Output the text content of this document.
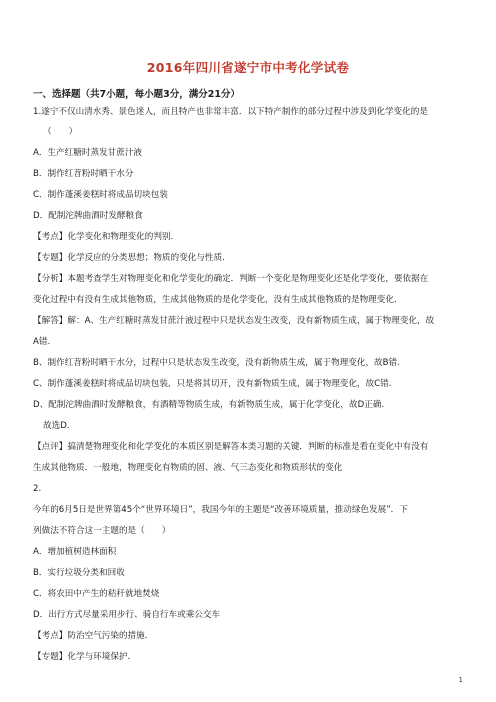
2016年四川省遂宁市中考化学试卷
一、选择题（共7小题，每小题3分，满分21分）
1.遂宁不仅山清水秀、景色迷人，而且特产也非常丰富．以下特产制作的部分过程中涉及到化学变化的是
（　　）
A．生产红糖时蒸发甘蔗汁液
B．制作红苕粉时晒干水分
C．制作蓬溪姜糕时将成品切块包装
D．配制沱牌曲酒时发酵粮食
【考点】化学变化和物理变化的判别.
【专题】化学反应的分类思想；物质的变化与性质.
【分析】本题考查学生对物理变化和化学变化的确定．判断一个变化是物理变化还是化学变化，要依据在
变化过程中有没有生成其他物质，生成其他物质的是化学变化，没有生成其他物质的是物理变化．
【解答】解：A、生产红糖时蒸发甘蔗汁液过程中只是状态发生改变，没有新物质生成，属于物理变化，故
A错.
B、制作红苕粉时晒干水分，过程中只是状态发生改变，没有新物质生成，属于物理变化，故B错.
C、制作蓬溪姜糕时将成品切块包装，只是将其切开，没有新物质生成，属于物理变化，故C错.
D、配制沱牌曲酒时发酵粮食，有酒精等物质生成，有新物质生成，属于化学变化，故D正确.
故选D.
【点评】搞清楚物理变化和化学变化的本质区别是解答本类习题的关键．判断的标准是看在变化中有没有
生成其他物质．一般地，物理变化有物质的固、液、气三态变化和物质形状的变化
2.
今年的6月5日是世界第45个“世界环境日”，我国今年的主题是“改善环境质量，推动绿色发展”．下
列做法不符合这一主题的是（　　）
A．增加植树造林面积
B．实行垃圾分类和回收
C．将农田中产生的秸秆就地焚烧
D．出行方式尽量采用步行、骑自行车或乘公交车
【考点】防治空气污染的措施.
【专题】化学与环境保护.
1
